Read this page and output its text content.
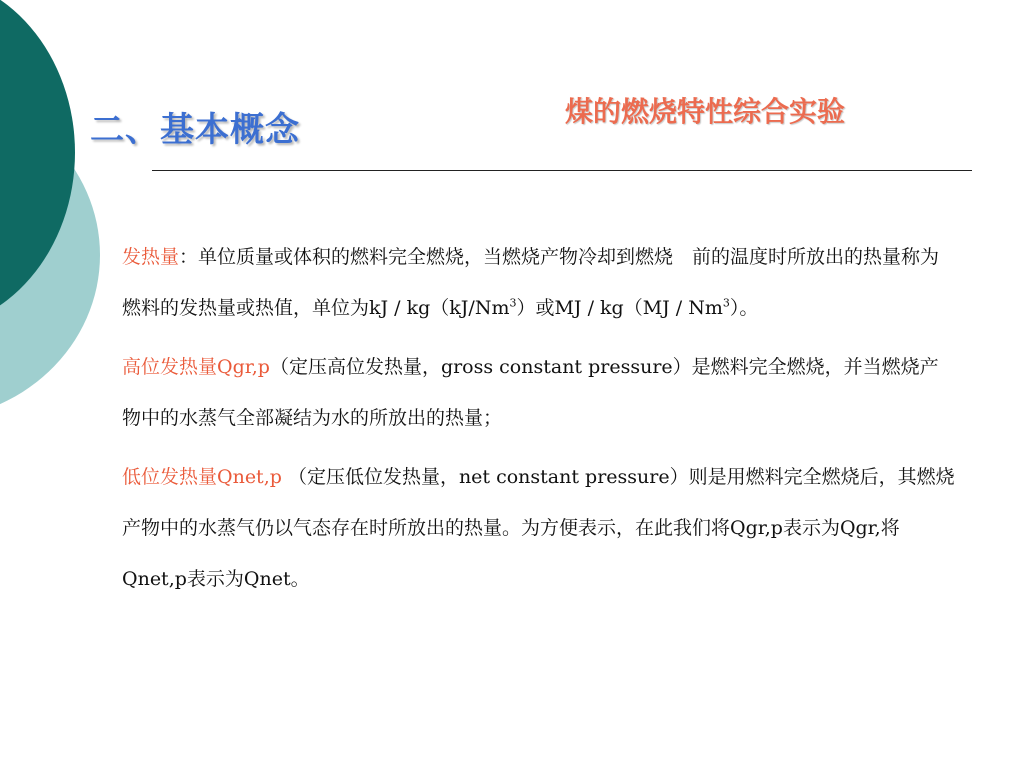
二、基本概念	煤的燃烧特性综合实验

发热量：单位质量或体积的燃料完全燃烧，当燃烧产物冷却到燃烧　前的温度时所放出的热量称为燃料的发热量或热值，单位为kJ / kg（kJ/Nm$^3$）或MJ / kg（MJ / Nm$^3$）。

高位发热量Qgr,p（定压高位发热量，gross constant pressure）是燃料完全燃烧，并当燃烧产物中的水蒸气全部凝结为水的所放出的热量；

低位发热量Qnet,p （定压低位发热量，net constant pressure）则是用燃料完全燃烧后，其燃烧产物中的水蒸气仍以气态存在时所放出的热量。为方便表示，在此我们将Qgr,p表示为Qgr,将Qnet,p表示为Qnet。
